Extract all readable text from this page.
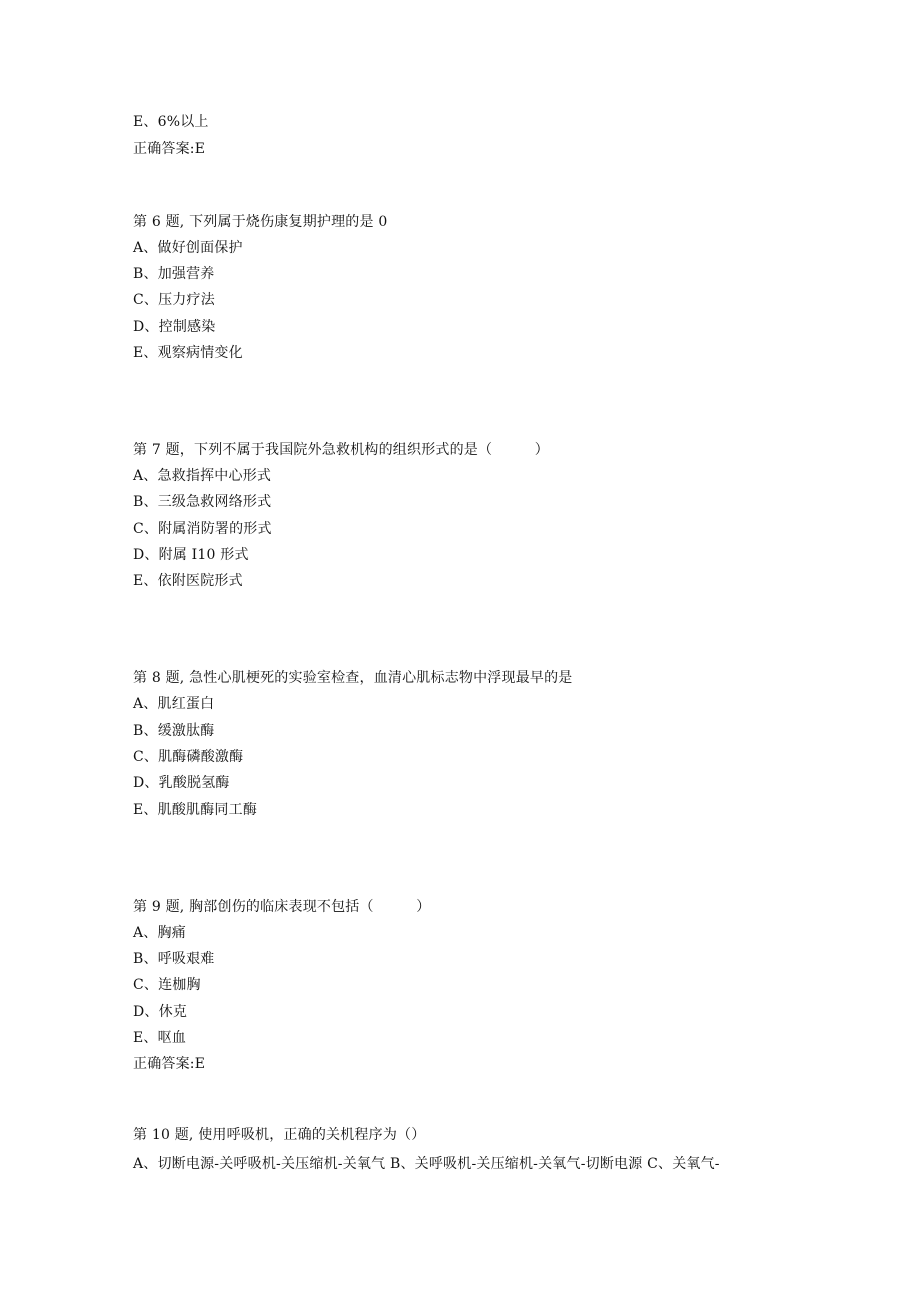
E、6%以上
正确答案:E
第 6 题, 下列属于烧伤康复期护理的是 0
A、做好创面保护
B、加强营养
C、压力疗法
D、控制感染
E、观察病情变化
第 7 题，下列不属于我国院外急救机构的组织形式的是（　　　）
A、急救指挥中心形式
B、三级急救网络形式
C、附属消防署的形式
D、附属 I10 形式
E、依附医院形式
第 8 题, 急性心肌梗死的实验室检查，血清心肌标志物中浮现最早的是
A、肌红蛋白
B、缓激肽酶
C、肌酶磷酸激酶
D、乳酸脱氢酶
E、肌酸肌酶同工酶
第 9 题, 胸部创伤的临床表现不包括（　　　）
A、胸痛
B、呼吸艰难
C、连枷胸
D、休克
E、呕血
正确答案:E
第 10 题, 使用呼吸机，正确的关机程序为（）
A、切断电源-关呼吸机-关压缩机-关氧气 B、关呼吸机-关压缩机-关氧气-切断电源 C、关氧气-
